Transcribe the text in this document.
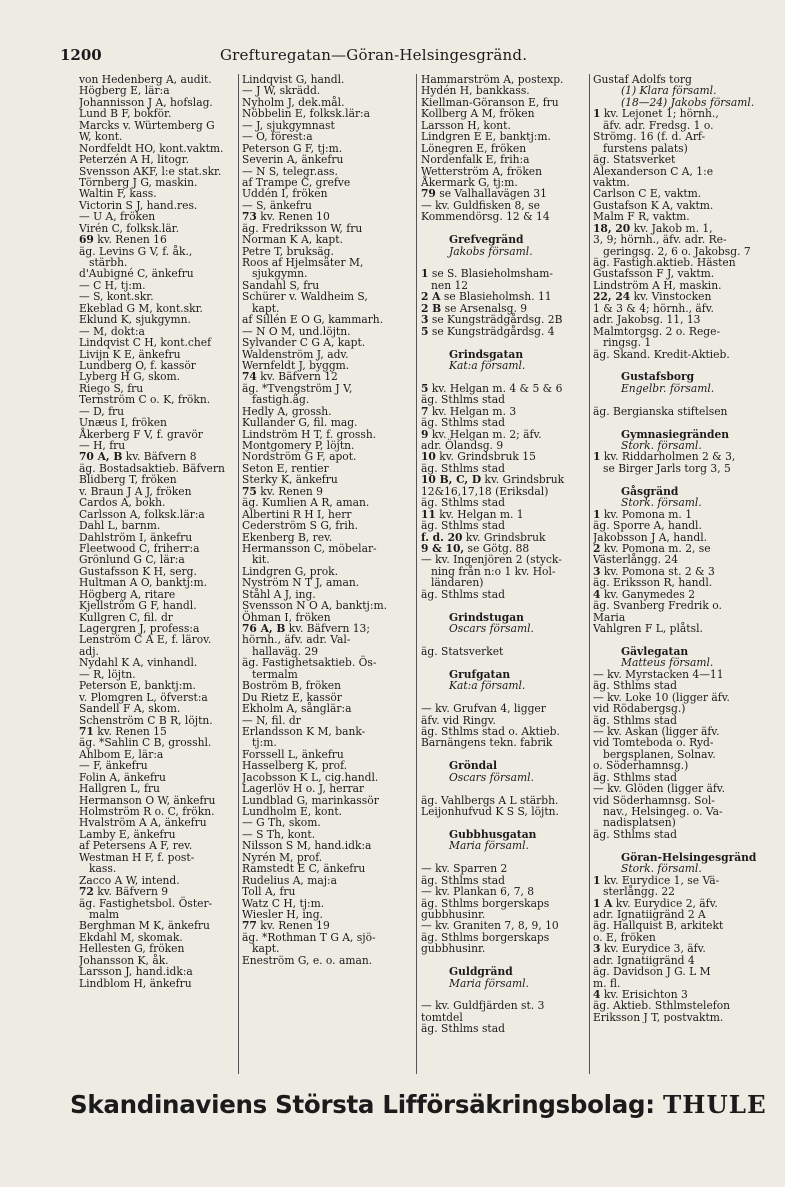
1200	Grefturegatan—Göran-Helsingesgränd.
von Hedenberg A, audit.
Högberg E, lär:a
Johannisson J A, hofslag.
Lund B F, bokför.
Marcks v. Würtemberg G
W, kont.
Nordfeldt HO, kont.vaktm.
Peterzén A H, litogr.
Svensson AKF, l:e stat.skr.
Törnberg J G, maskin.
Waltin F, kass.
Victorin S J, hand.res.
— U A, fröken
Virén C, folksk.lär.
69 kv. Renen 16
äg. Levins G V, f. åk.,
stärbh.
d'Aubigné C, änkefru
— C H, tj:m.
— S, kont.skr.
Ekeblad G M, kont.skr.
Eklund K, sjukgymn.
— M, dokt:a
Lindqvist C H, kont.chef
Livijn K E, änkefru
Lundberg O, f. kassör
Lyberg H G, skom.
Riego S, fru
Ternström C o. K, frökn.
— D, fru
Unæus I, fröken
Åkerberg F V, f. gravör
— H, fru
70 A, B kv. Bäfvern 8
äg. Bostadsaktieb. Bäfvern
Blidberg T, fröken
v. Braun J A J, fröken
Cardos A, bokh.
Carlsson A, folksk.lär:a
Dahl L, barnm.
Dahlström I, änkefru
Fleetwood C, friherr:a
Grönlund G C, lär:a
Gustafsson K H, serg.
Hultman A O, banktj:m.
Högberg A, ritare
Kjellström G F, handl.
Kullgren C, fil. dr
Lagergren J, profess:a
Lenström C A E, f. lärov.
adj.
Nydahl K A, vinhandl.
— R, löjtn.
Peterson E, banktj:m.
v. Plomgren L, öfverst:a
Sandell F A, skom.
Schenström C B R, löjtn.
71 kv. Renen 15
äg. *Sahlin C B, grosshl.
Ahlbom E, lär:a
— F, änkefru
Folin A, änkefru
Hallgren L, fru
Hermanson O W, änkefru
Holmström R o. C, frökn.
Hvalström A A, änkefru
Lamby E, änkefru
af Petersens A F, rev.
Westman H F, f. post-
kass.
Zacco A W, intend.
72 kv. Bäfvern 9
äg. Fastighetsbol. Öster-
malm
Berghman M K, änkefru
Ekdahl M, skomak.
Hellesten G, fröken
Johansson K, åk.
Larsson J, hand.idk:a
Lindblom H, änkefru
Lindqvist G, handl.
— J W, skrädd.
Nyholm J, dek.mål.
Nöbbelin E, folksk.lär:a
— J, sjukgymnast
— O, förest:a
Peterson G F, tj:m.
Severin A, änkefru
— N S, telegr.ass.
af Trampe C, grefve
Uddén I, fröken
— S, änkefru
73 kv. Renen 10
äg. Fredriksson W, fru
Norman K A, kapt.
Petre T, bruksäg.
Roos af Hjelmsäter M,
sjukgymn.
Sandahl S, fru
Schürer v. Waldheim S,
kapt.
af Sillén E O G, kammarh.
— N O M, und.löjtn.
Sylvander C G A, kapt.
Waldenström J, adv.
Wernfeldt J, byggm.
74 kv. Bäfvern 12
äg. *Tvengström J V,
fastigh.äg.
Hedly A, grossh.
Kullander G, fil. mag.
Lindström H T, f. grossh.
Montgomery P, löjtn.
Nordström G F, apot.
Seton E, rentier
Sterky K, änkefru
75 kv. Renen 9
äg. Kumlien A R, aman.
Albertini R H I, herr
Cederström S G, frih.
Ekenberg B, rev.
Hermansson C, möbelar-
kit.
Lindgren G, prok.
Nyström N T J, aman.
Ståhl A J, ing.
Svensson N O A, banktj:m.
Öhman I, fröken
76 A, B kv. Bäfvern 13;
hörnh., äfv. adr. Val-
hallaväg. 29
äg. Fastighetsaktieb. Ös-
termalm
Boström B, fröken
Du Rietz E, kassör
Ekholm A, sånglär:a
— N, fil. dr
Erlandsson K M, bank-
tj:m.
Forssell L, änkefru
Hasselberg K, prof.
Jacobsson K L, cig.handl.
Lagerlöv H o. J, herrar
Lundblad G, marinkassör
Lundholm E, kont.
— G Th, skom.
— S Th, kont.
Nilsson S M, hand.idk:a
Nyrén M, prof.
Ramstedt E C, änkefru
Rudelius A, maj:a
Toll A, fru
Watz C H, tj:m.
Wiesler H, ing.
77 kv. Renen 19
äg. *Rothman T G A, sjö-
kapt.
Eneström G, e. o. aman.
Hammarström A, postexp.
Hydén H, bankkass.
Kiellman-Göranson E, fru
Kollberg A M, fröken
Larsson H, kont.
Lindgren E E, banktj:m.
Lönegren E, fröken
Nordenfalk E, frih:a
Wetterström A, fröken
Åkermark G, tj:m.
79 se Valhallavägen 31
— kv. Guldfisken 8, se
Kommendörsg. 12 & 14
Grefvegränd
Jakobs församl.
1 se S. Blasieholmsham-
nen 12
2 A se Blasieholmsh. 11
2 B se Arsenalsg. 9
3 se Kungsträdgårdsg. 2B
5 se Kungsträdgårdsg. 4
Grindsgatan
Kat:a församl.
5 kv. Helgan m. 4 & 5 & 6
äg. Sthlms stad
7 kv. Helgan m. 3
äg. Sthlms stad
9 kv. Helgan m. 2; äfv.
adr. Ölandsg. 9
10 kv. Grindsbruk 15
äg. Sthlms stad
10 B, C, D kv. Grindsbruk
12&16,17,18 (Eriksdal)
äg. Sthlms stad
11 kv. Helgan m. 1
äg. Sthlms stad
f. d. 20 kv. Grindsbruk
9 & 10, se Götg. 88
— kv. Ingenjören 2 (styck-
ning från n:o 1 kv. Hol-
ländaren)
äg. Sthlms stad
Grindstugan
Oscars församl.
äg. Statsverket
Grufgatan
Kat:a församl.
— kv. Grufvan 4, ligger
äfv. vid Ringv.
äg. Sthlms stad o. Aktieb.
Barnängens tekn. fabrik
Gröndal
Oscars församl.
äg. Vahlbergs A L stärbh.
Leijonhufvud K S S, löjtn.
Gubbhusgatan
Maria församl.
— kv. Sparren 2
äg. Sthlms stad
— kv. Plankan 6, 7, 8
äg. Sthlms borgerskaps
gubbhusinr.
— kv. Graniten 7, 8, 9, 10
äg. Sthlms borgerskaps
gubbhusinr.
Guldgränd
Maria församl.
— kv. Guldfjärden st. 3
tomtdel
äg. Sthlms stad
Gustaf Adolfs torg
(1) Klara församl.
(18—24) Jakobs församl.
1 kv. Lejonet 1; hörnh.,
äfv. adr. Fredsg. 1 o.
Strömg. 16 (f. d. Arf-
furstens palats)
äg. Statsverket
Alexanderson C A, 1:e
vaktm.
Carlson C E, vaktm.
Gustafson K A, vaktm.
Malm F R, vaktm.
18, 20 kv. Jakob m. 1,
3, 9; hörnh., äfv. adr. Re-
geringsg. 2, 6 o. Jakobsg. 7
äg. Fastigh.aktieb. Hästen
Gustafsson F J, vaktm.
Lindström A H, maskin.
22, 24 kv. Vinstocken
1 & 3 & 4; hörnh., äfv.
adr. Jakobsg. 11, 13
Malmtorgsg. 2 o. Rege-
ringsg. 1
äg. Skand. Kredit-Aktieb.
Gustafsborg
Engelbr. församl.
äg. Bergianska stiftelsen
Gymnasiegränden
Stork. församl.
1 kv. Riddarholmen 2 & 3,
se Birger Jarls torg 3, 5
Gåsgränd
Stork. församl.
1 kv. Pomona m. 1
äg. Sporre A, handl.
Jakobsson J A, handl.
2 kv. Pomona m. 2, se
Västerlångg. 24
3 kv. Pomona st. 2 & 3
äg. Eriksson R, handl.
4 kv. Ganymedes 2
äg. Svanberg Fredrik o.
Maria
Vahlgren F L, plåtsl.
Gävlegatan
Matteus församl.
— kv. Myrstacken 4—11
äg. Sthlms stad
— kv. Loke 10 (ligger äfv.
vid Rödabergsg.)
äg. Sthlms stad
— kv. Askan (ligger äfv.
vid Tomteboda o. Ryd-
bergsplanen, Solnav.
o. Söderhamnsg.)
äg. Sthlms stad
— kv. Glöden (ligger äfv.
vid Söderhamnsg. Sol-
nav., Helsingeg. o. Va-
nadisplatsen)
äg. Sthlms stad
Göran-Helsingesgränd
Stork. församl.
1 kv. Eurydice 1, se Vä-
sterlångg. 22
1 A kv. Eurydice 2, äfv.
adr. Ignatiigränd 2 A
äg. Hallquist B, arkitekt
o. E, fröken
3 kv. Eurydice 3, äfv.
adr. Ignatiigränd 4
äg. Davidson J G. L M
m. fl.
4 kv. Erisichton 3
äg. Aktieb. Sthlmstelefon
Eriksson J T, postvaktm.
Skandinaviens Största Lifförsäkringsbolag: THULE
